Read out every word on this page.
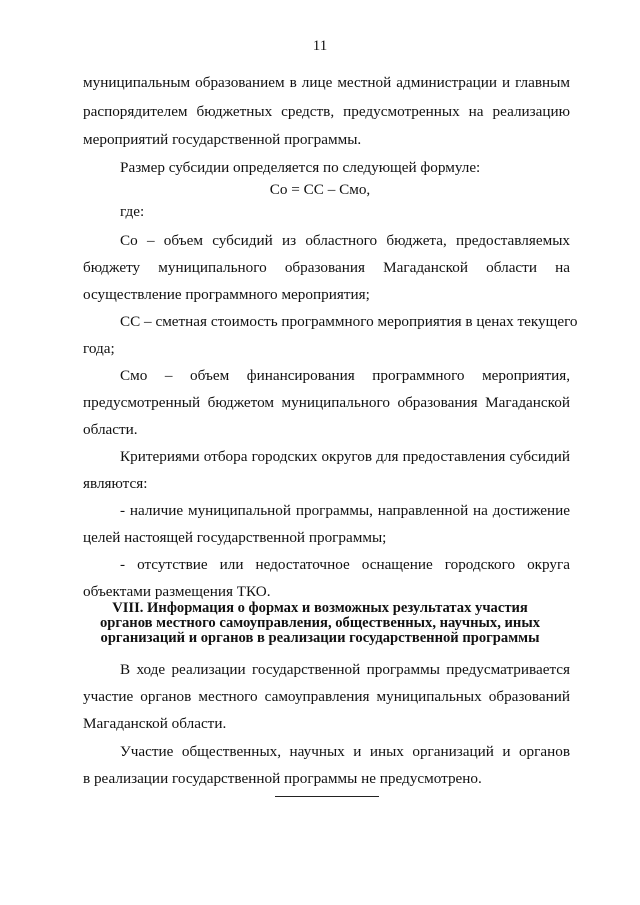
11
муниципальным образованием в лице местной администрации и главным
распорядителем бюджетных средств, предусмотренных на реализацию
мероприятий государственной программы.
Размер субсидии определяется по следующей формуле:
Со = СС – Смо,
где:
Со – объем субсидий из областного бюджета, предоставляемых
бюджету муниципального образования Магаданской области на
осуществление программного мероприятия;
СС – сметная стоимость программного мероприятия в ценах текущего
года;
Смо – объем финансирования программного мероприятия,
предусмотренный бюджетом муниципального образования Магаданской
области.
Критериями отбора городских округов для предоставления субсидий
являются:
- наличие муниципальной программы, направленной на достижение
целей настоящей государственной программы;
- отсутствие или недостаточное оснащение городского округа
объектами размещения ТКО.
VIII. Информация о формах и возможных результатах участия
органов местного самоуправления, общественных, научных, иных
организаций и органов в реализации государственной программы
В ходе реализации государственной программы предусматривается
участие органов местного самоуправления муниципальных образований
Магаданской области.
Участие общественных, научных и иных организаций и органов
в реализации государственной программы не предусмотрено.
